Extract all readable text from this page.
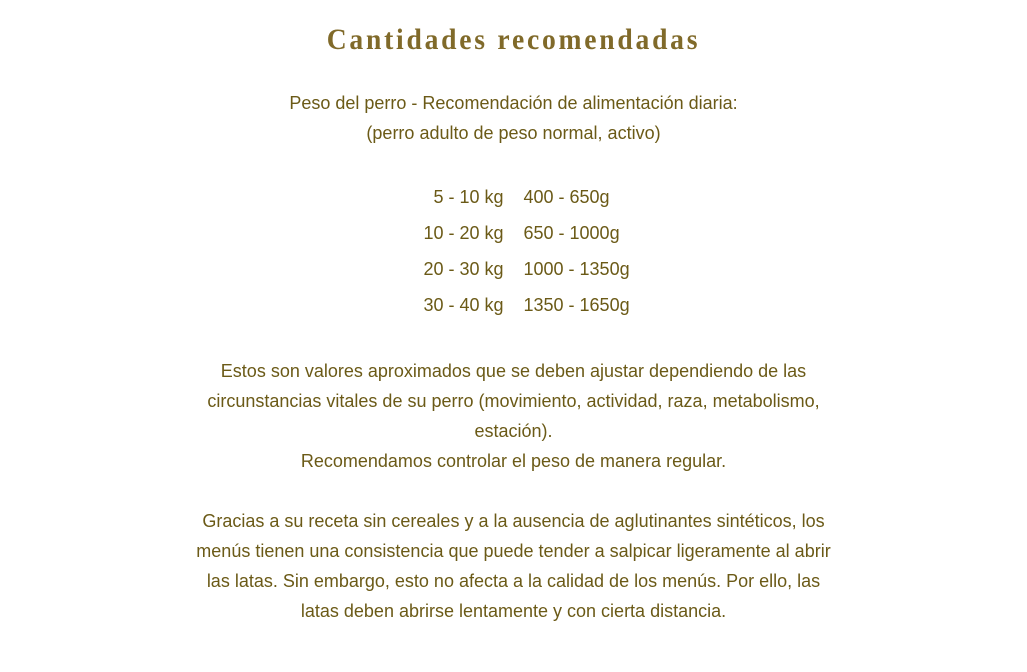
Cantidades recomendadas

Peso del perro - Recomendación de alimentación diaria:

(perro adulto de peso normal, activo)

5 - 10 kg	400 - 650g
10 - 20 kg	650 - 1000g
20 - 30 kg	1000 - 1350g
30 - 40 kg	1350 - 1650g

Estos son valores aproximados que se deben ajustar dependiendo de las circunstancias vitales de su perro (movimiento, actividad, raza, metabolismo, estación).

Recomendamos controlar el peso de manera regular.

Gracias a su receta sin cereales y a la ausencia de aglutinantes sintéticos, los menús tienen una consistencia que puede tender a salpicar ligeramente al abrir las latas. Sin embargo, esto no afecta a la calidad de los menús. Por ello, las latas deben abrirse lentamente y con cierta distancia.
